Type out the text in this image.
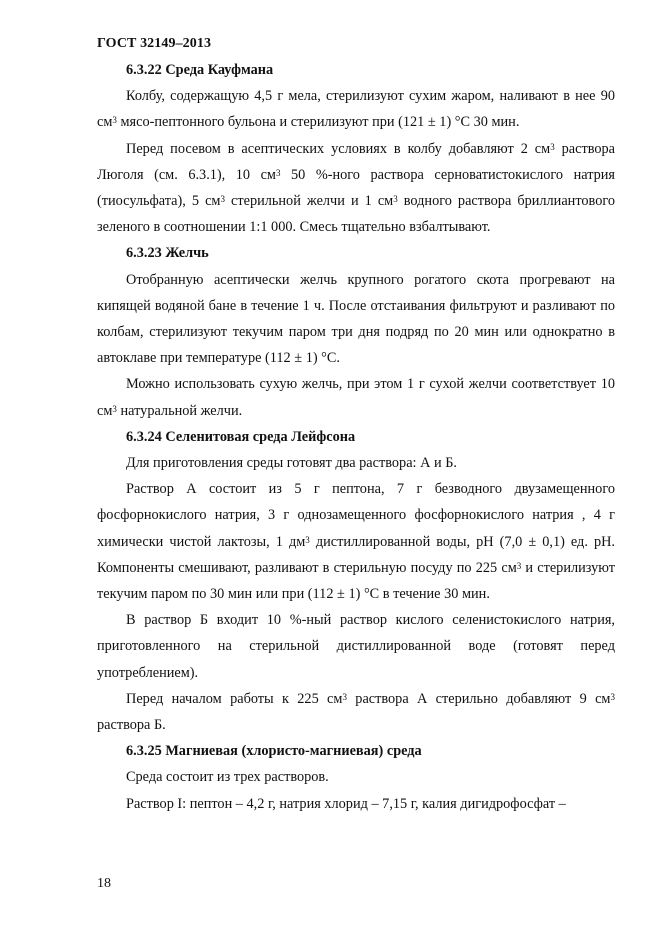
ГОСТ 32149–2013

6.3.22 Среда Кауфмана

Колбу, содержащую 4,5 г мела, стерилизуют сухим жаром, наливают в нее 90 $см^3$ мясо-пептонного бульона и стерилизуют при (121 ± 1) °С 30 мин.

Перед посевом в асептических условиях в колбу добавляют 2 $см^3$ раствора Люголя (см. 6.3.1), 10 $см^3$ 50 %-ного раствора серноватистокислого натрия (тиосульфата), 5 $см^3$ стерильной желчи и 1 $см^3$ водного раствора бриллиантового зеленого в соотношении 1:1 000. Смесь тщательно взбалтывают.

6.3.23 Желчь

Отобранную асептически желчь крупного рогатого скота прогревают на кипящей водяной бане в течение 1 ч. После отстаивания фильтруют и разливают по колбам, стерилизуют текучим паром три дня подряд по 20 мин или однократно в автоклаве при температуре (112 ± 1) °С.

Можно использовать сухую желчь, при этом 1 г сухой желчи соответствует 10 $см^3$ натуральной желчи.

6.3.24 Селенитовая среда Лейфсона

Для приготовления среды готовят два раствора: А и Б.

Раствор А состоит из 5 г пептона, 7 г безводного двузамещенного фосфорнокислого натрия, 3 г однозамещенного фосфорнокислого натрия , 4 г химически чистой лактозы, 1 $дм^3$ дистиллированной воды, рН (7,0 ± 0,1) ед. рН. Компоненты смешивают, разливают в стерильную посуду по 225 $см^3$ и стерилизуют текучим паром по 30 мин или при (112 ± 1) °С в течение 30 мин.

В раствор Б входит 10 %-ный раствор кислого селенистокислого натрия, приготовленного на стерильной дистиллированной воде (готовят перед употреблением).

Перед началом работы к 225 $см^3$ раствора А стерильно добавляют 9 $см^3$ раствора Б.

6.3.25 Магниевая (хлористо-магниевая) среда

Среда состоит из трех растворов.

Раствор I: пептон – 4,2 г, натрия хлорид – 7,15 г, калия дигидрофосфат –

18
